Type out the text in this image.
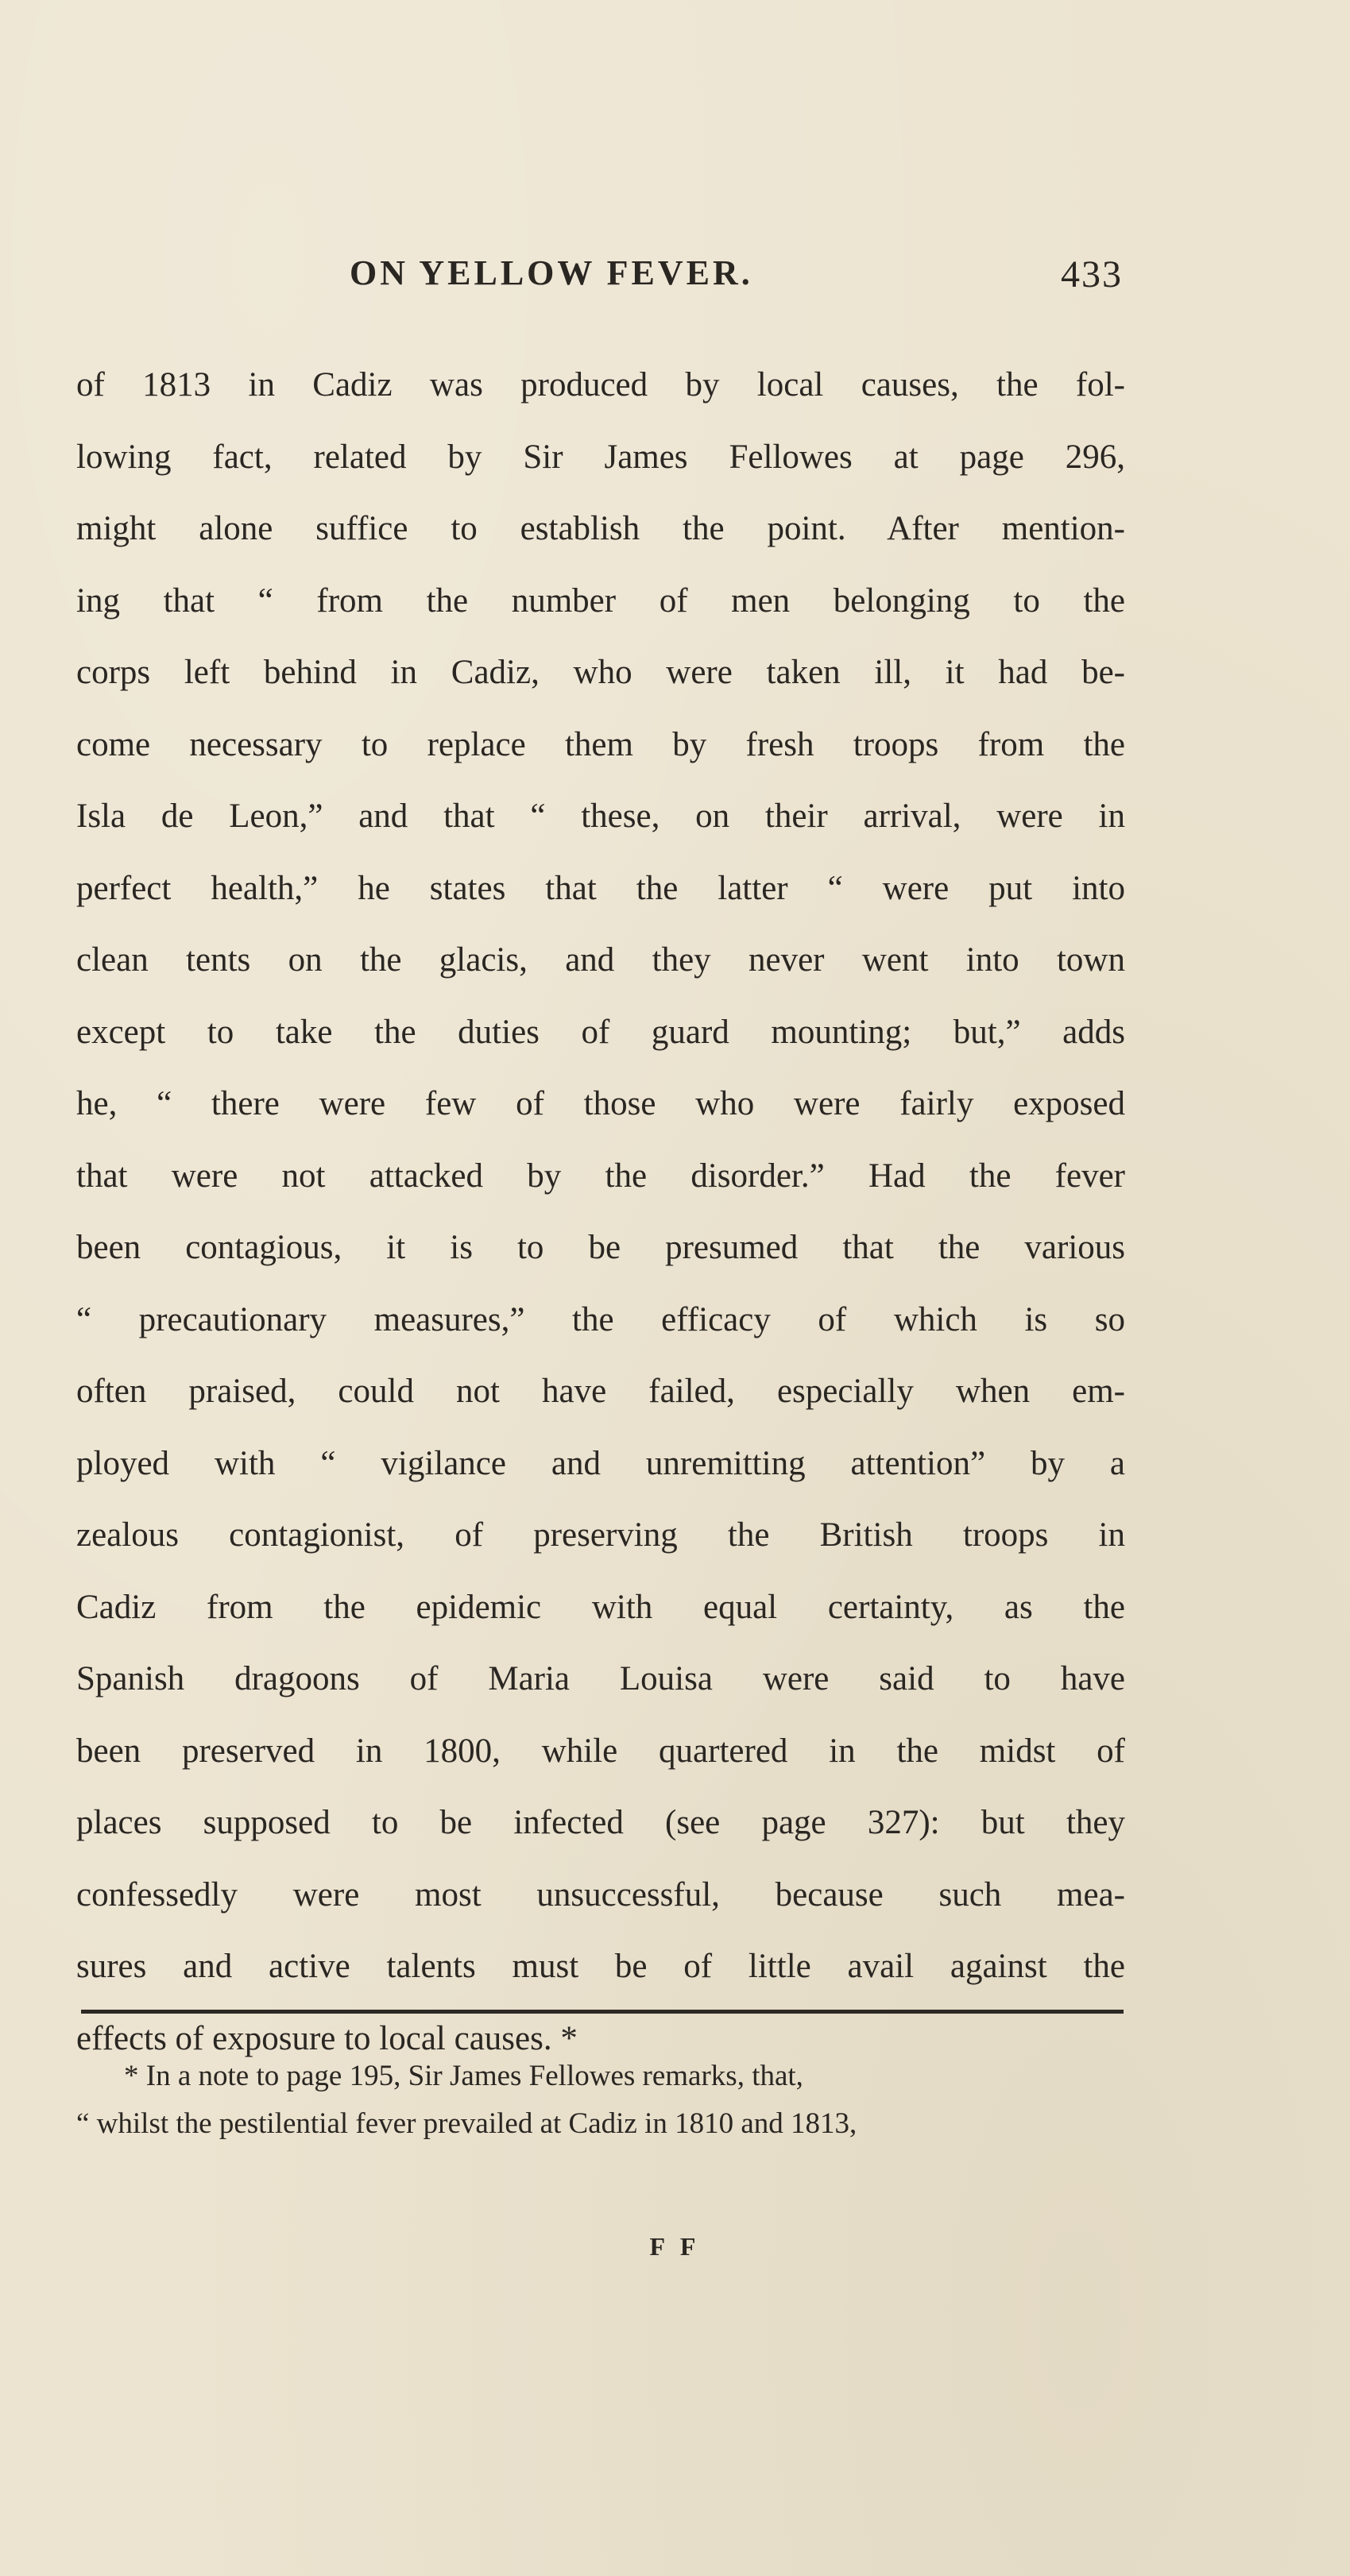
ON YELLOW FEVER.	433
of 1813 in Cadiz was produced by local causes, the fol-
lowing fact, related by Sir James Fellowes at page 296,
might alone suffice to establish the point. After mention-
ing that “ from the number of men belonging to the
corps left behind in Cadiz, who were taken ill, it had be-
come necessary to replace them by fresh troops from the
Isla de Leon,” and that “ these, on their arrival, were in
perfect health,” he states that the latter “ were put into
clean tents on the glacis, and they never went into town
except to take the duties of guard mounting; but,” adds
he, “ there were few of those who were fairly exposed
that were not attacked by the disorder.” Had the fever
been contagious, it is to be presumed that the various
“ precautionary measures,” the efficacy of which is so
often praised, could not have failed, especially when em-
ployed with “ vigilance and unremitting attention” by a
zealous contagionist, of preserving the British troops in
Cadiz from the epidemic with equal certainty, as the
Spanish dragoons of Maria Louisa were said to have
been preserved in 1800, while quartered in the midst of
places supposed to be infected (see page 327): but they
confessedly were most unsuccessful, because such mea-
sures and active talents must be of little avail against the
effects of exposure to local causes. *
* In a note to page 195, Sir James Fellowes remarks, that,
“ whilst the pestilential fever prevailed at Cadiz in 1810 and 1813,
F F
